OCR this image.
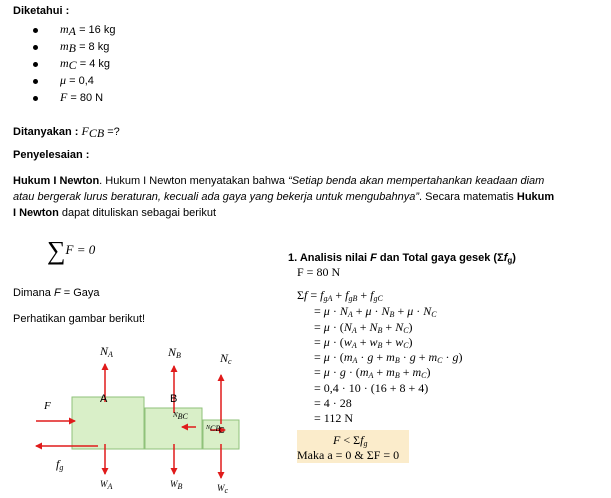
Diketahui :
$m_A = 16$ kg
$m_B = 8$ kg
$m_C = 4$ kg
μ = 0,4
F = 80 N
Ditanyakan : $F_{CB}$ =?
Penyelesaian :
Hukum I Newton. Hukum I Newton menyatakan bahwa “Setiap benda akan mempertahankan keadaan diam
atau bergerak lurus beraturan, kecuali ada gaya yang bekerja untuk mengubahnya”. Secara matematis Hukum
I Newton dapat dituliskan sebagai berikut
∑F = 0
Dimana F = Gaya
Perhatikan gambar berikut!
1. Analisis nilai F dan Total gaya gesek $(\Sigma f_g)$
F = 80 N
$\Sigma f = f_{gA} + f_{gB} + f_{gC}$
= $\mu \cdot N_A + \mu \cdot N_B + \mu \cdot N_C$
= $\mu \cdot (N_A + N_B + N_C)$
= $\mu \cdot (w_A + w_B + w_C)$
= $\mu \cdot (m_A \cdot g + m_B \cdot g + m_C \cdot g)$
= $\mu \cdot g \cdot (m_A + m_B + m_C)$
= 0,4 · 10 · (16 + 8 + 4)
= 4 · 28
= 112 N
$F < \Sigma f_g$
Maka a = 0 & ΣF = 0
A	B
C
F
$f_g$
$N_A$	$N_B$	$N_c$
$W_A$	$W_B$	$W_c$
$N_{BC}$
$N_{CB}$
